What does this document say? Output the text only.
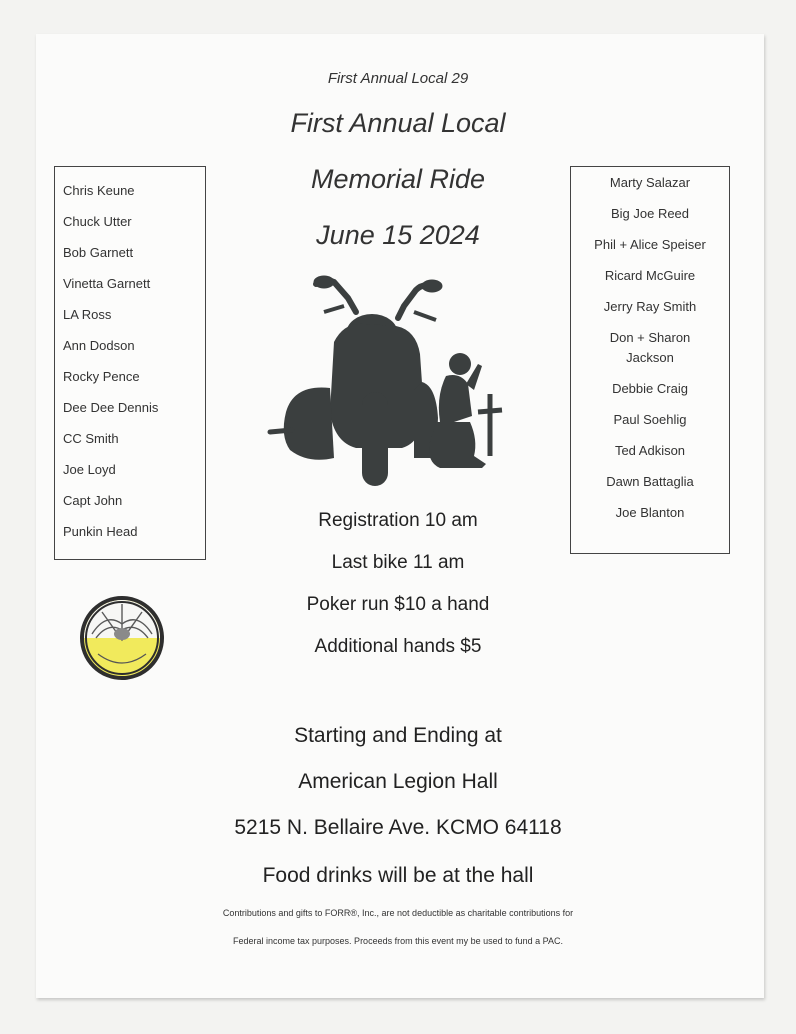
First Annual Local 29
First Annual Local
Memorial Ride
June 15 2024
Chris Keune
Chuck Utter
Bob Garnett
Vinetta Garnett
LA Ross
Ann Dodson
Rocky Pence
Dee Dee Dennis
CC Smith
Joe Loyd
Capt John
Punkin Head
Marty Salazar
Big Joe Reed
Phil + Alice Speiser
Ricard McGuire
Jerry Ray Smith
Don + Sharon Jackson
Debbie Craig
Paul Soehlig
Ted Adkison
Dawn Battaglia
Joe Blanton
Registration 10 am
Last bike 11 am
Poker run $10 a hand
Additional hands $5
Starting and Ending at
American Legion Hall
5215 N. Bellaire Ave. KCMO 64118
Food drinks will be at the hall
Contributions and gifts to FORR®, Inc., are not deductible as charitable contributions for
Federal income tax purposes. Proceeds from this event my be used to fund a PAC.
